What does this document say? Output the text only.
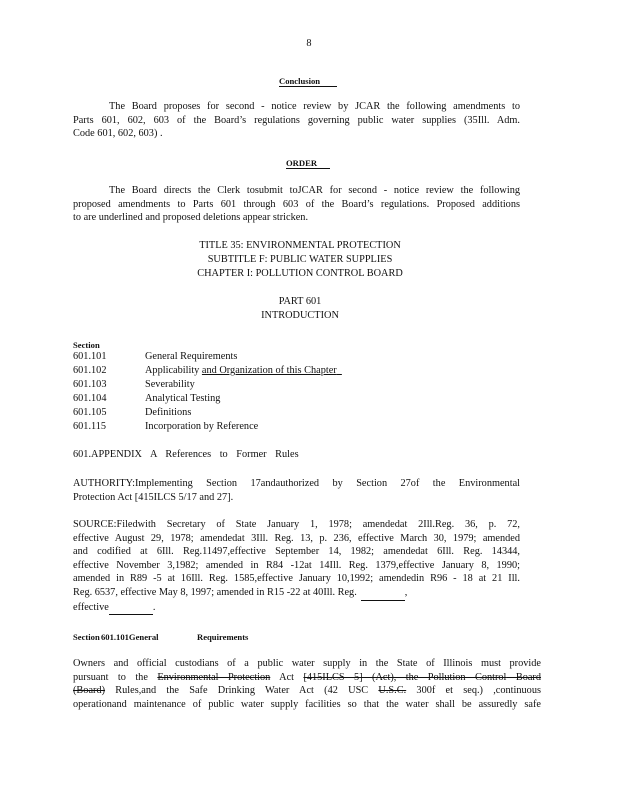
8
Conclusion
The Board proposes for second - notice review by JCAR the following amendments to
Parts 601, 602, 603 of the Board’s regulations governing public water supplies (35Ill. Adm.
Code 601, 602, 603) .
ORDER
The Board directs the Clerk tosubmit toJCAR for second - notice review the following
proposed amendments to Parts 601 through 603 of the Board’s regulations. Proposed additions
to are underlined and proposed deletions appear stricken.
TITLE 35: ENVIRONMENTAL PROTECTION
SUBTITLE F: PUBLIC WATER SUPPLIES
CHAPTER I: POLLUTION CONTROL BOARD
PART 601
INTRODUCTION
Section
601.101	General Requirements
601.102	Applicability and Organization of this Chapter
601.103	Severability
601.104	Analytical Testing
601.105	Definitions
601.115	Incorporation by Reference
601.APPENDIX A References to Former Rules
AUTHORITY:Implementing Section 17andauthorized by Section 27of the Environmental
Protection Act [415ILCS 5/17 and 27].
SOURCE:Filedwith Secretary of State January 1, 1978; amendedat 2Ill.Reg. 36, p. 72,
effective August 29, 1978; amendedat 3Ill. Reg. 13, p. 236, effective March 30, 1979; amended
and codified at 6Ill. Reg.11497,effective September 14, 1982; amendedat 6Ill. Reg. 14344,
effective November 3,1982; amended in R84 -12at 14Ill. Reg. 1379,effective January 8, 1990;
amended in R89 -5 at 16Ill. Reg. 1585,effective January 10,1992; amendedin R96 - 18 at 21 Ill.
Reg. 6537, effective May 8, 1997; amended in R15 -22 at 40Ill. Reg.	,
effective	.
Section 601.101General	Requirements
Owners and official custodians of a public water supply in the State of Illinois must provide
pursuant to the Environmental Protection Act [415ILCS 5] (Act), the Pollution Control Board
(Board) Rules,and the Safe Drinking Water Act (42 USC U.S.C. 300f et seq.) ,continuous
operationand maintenance of public water supply facilities so that the water shall be assuredly safe
